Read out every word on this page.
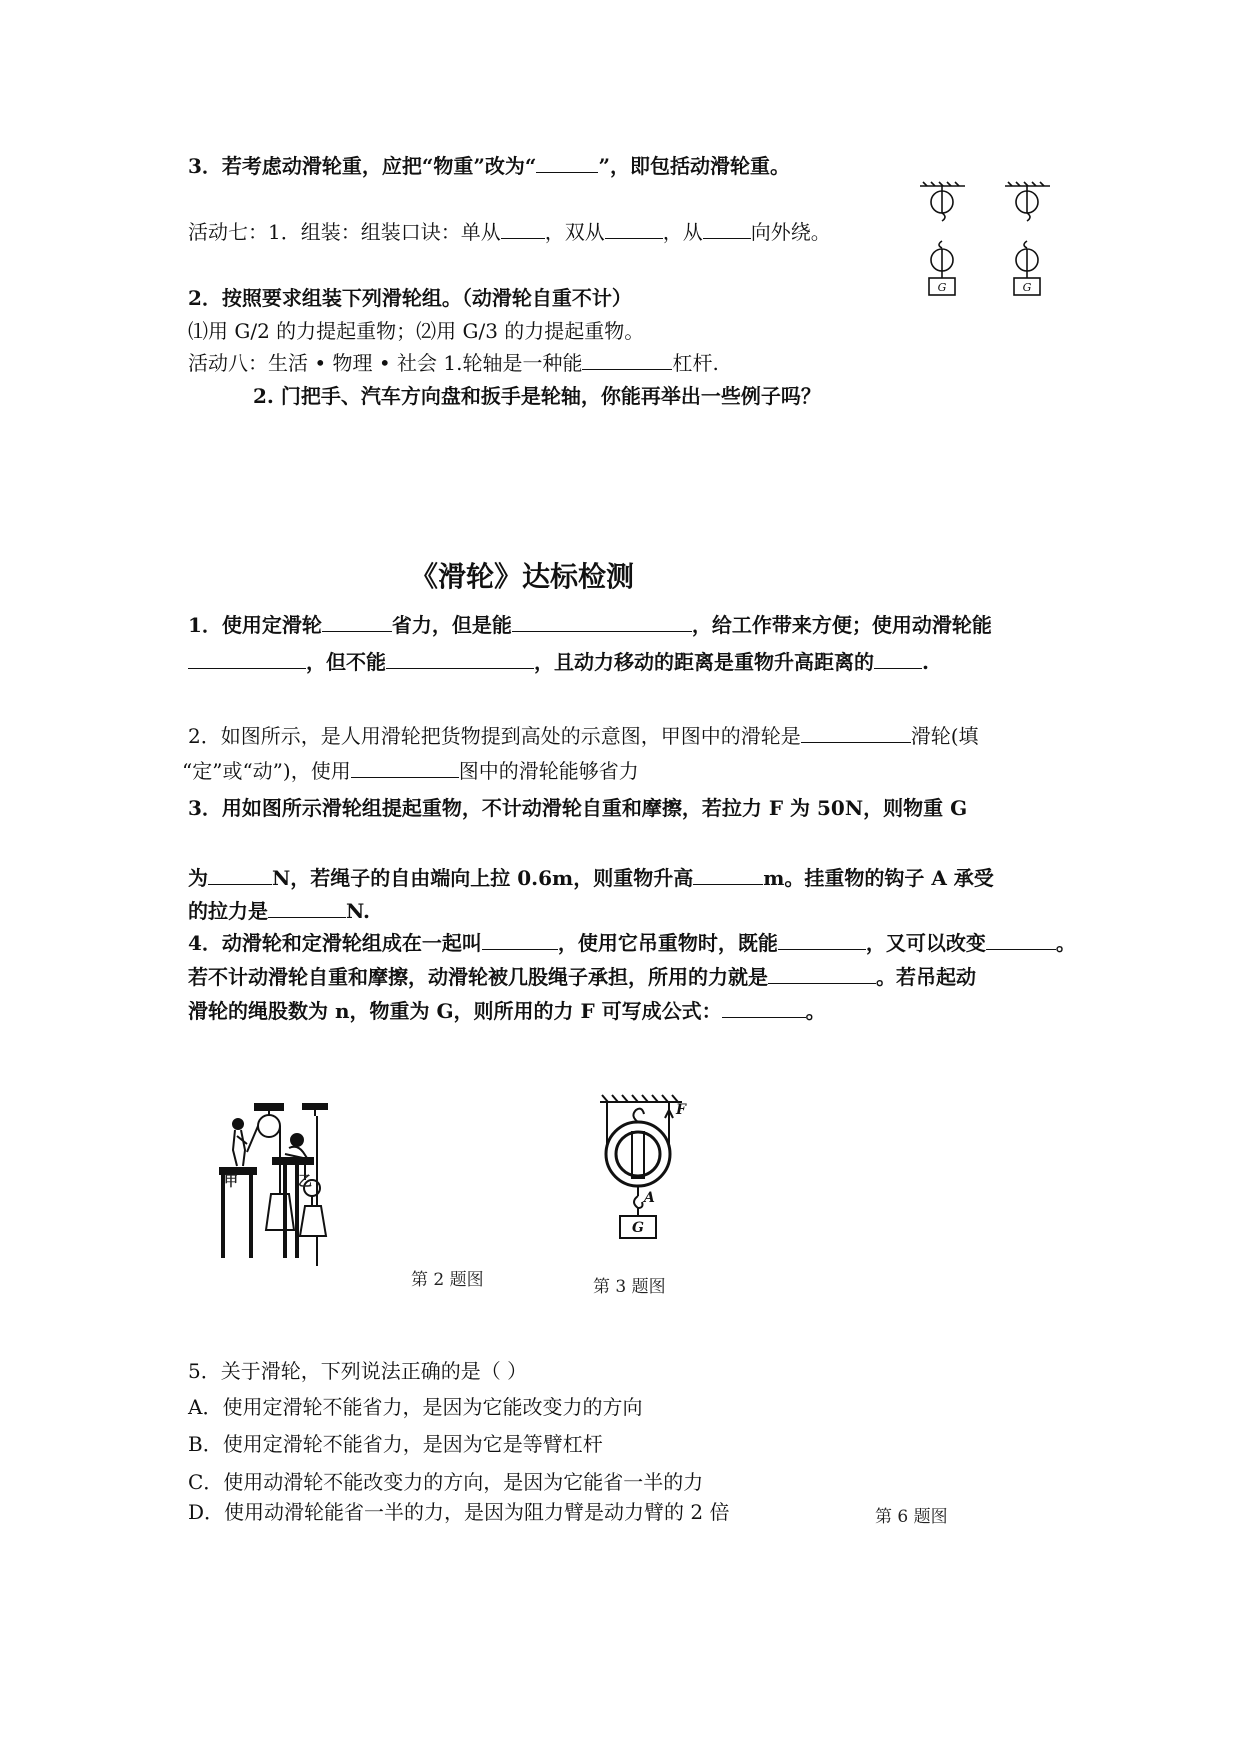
3．若考虑动滑轮重，应把“物重”改为“	”，即包括动滑轮重。
活动七：1．组装：组装口诀：单从 ，双从	，从 向外绕。
2．按照要求组装下列滑轮组。（动滑轮自重不计）
⑴用 G/2 的力提起重物；⑵用 G/3 的力提起重物。
活动八：生活 • 物理 • 社会 1.轮轴是一种能	杠杆.
2. 门把手、汽车方向盘和扳手是轮轴，你能再举出一些例子吗？
G	G
《滑轮》达标检测
1．使用定滑轮	省力，但是能	，给工作带来方便；使用动滑轮能
，但不能	，且动力移动的距离是重物升高距离的 .
2．如图所示，是人用滑轮把货物提到高处的示意图，甲图中的滑轮是	滑轮(填
“定”或“动”)，使用	图中的滑轮能够省力
3．用如图所示滑轮组提起重物，不计动滑轮自重和摩擦，若拉力 F 为 50N，则物重 G
为	N，若绳子的自由端向上拉 0.6m，则重物升高	m。挂重物的钩子 A 承受
的拉力是	N.
4．动滑轮和定滑轮组成在一起叫	，使用它吊重物时，既能	，又可以改变	。
若不计动滑轮自重和摩擦，动滑轮被几股绳子承担，所用的力就是	。若吊起动
滑轮的绳股数为 n，物重为 G，则所用的力 F 可写成公式：	。
甲	乙
第 2 题图
F
A
G
第 3 题图
5．关于滑轮，下列说法正确的是（ ）
A．使用定滑轮不能省力，是因为它能改变力的方向
B．使用定滑轮不能省力，是因为它是等臂杠杆
C．使用动滑轮不能改变力的方向，是因为它能省一半的力
D．使用动滑轮能省一半的力，是因为阻力臂是动力臂的 2 倍	第 6 题图
